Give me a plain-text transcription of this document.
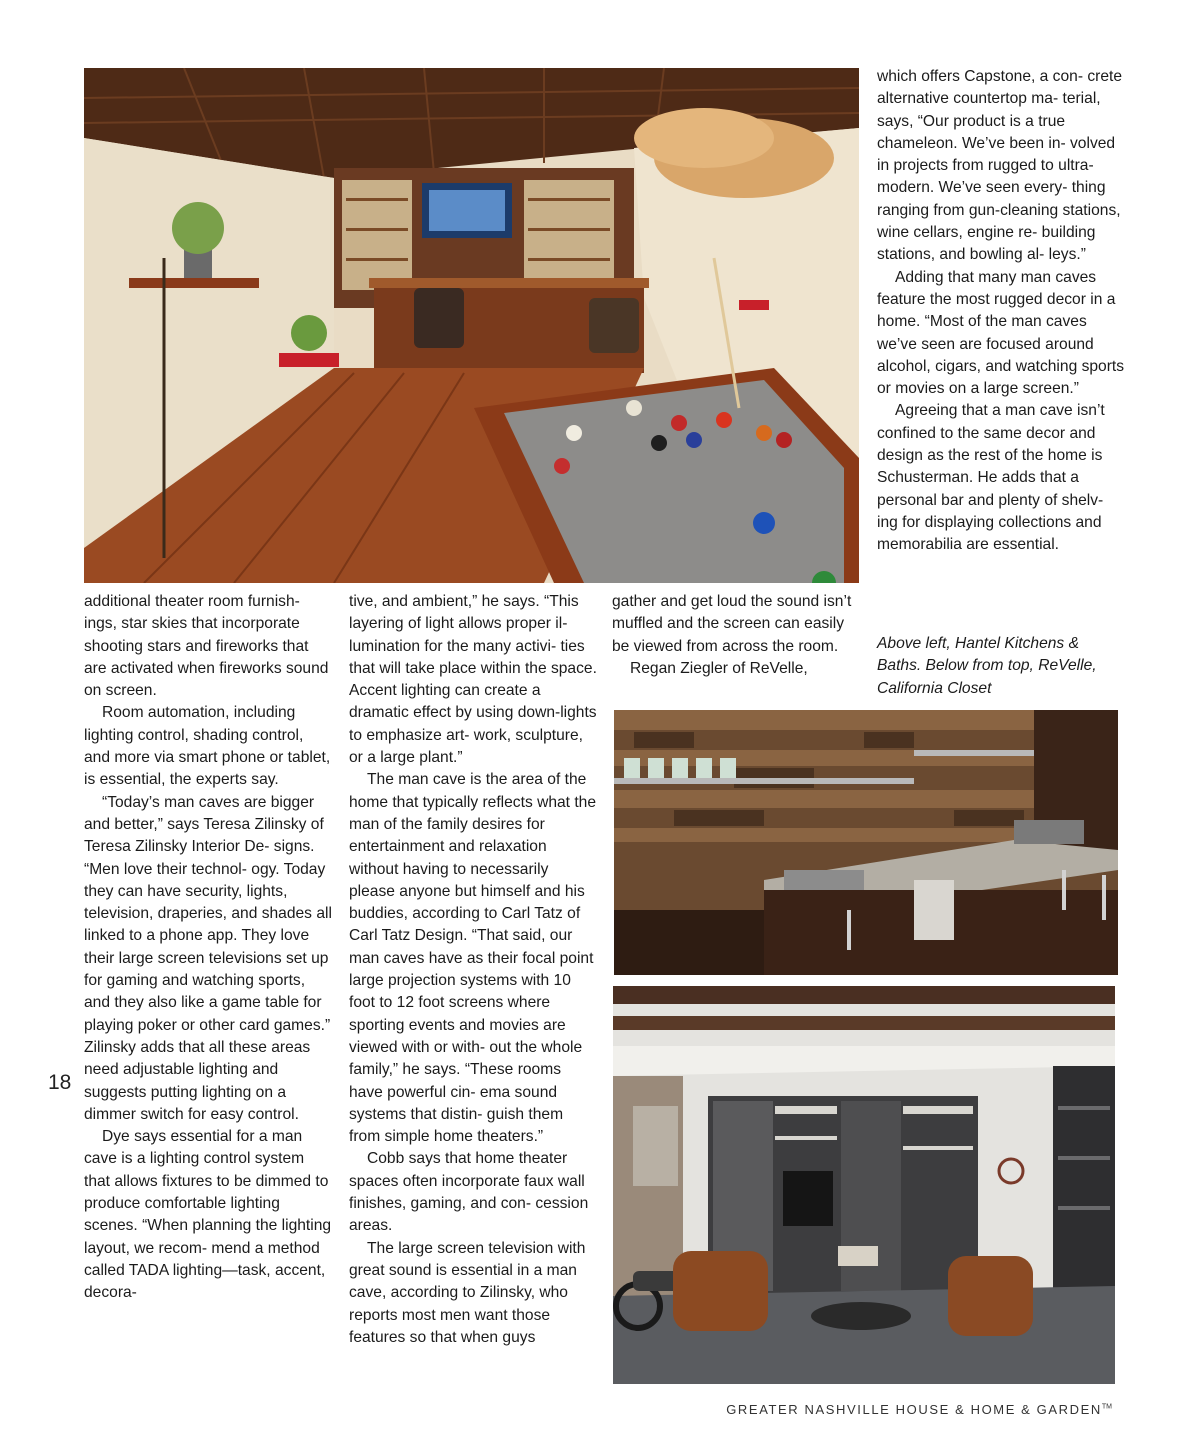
additional theater room furnish- ings, star skies that incorporate shooting stars and fireworks that are activated when fireworks sound on screen.

Room automation, including lighting control, shading control, and more via smart phone or tablet, is essential, the experts say.

“Today’s man caves are bigger and better,” says Teresa Zilinsky of Teresa Zilinsky Interior De- signs. “Men love their technol- ogy. Today they can have security, lights, television, draperies, and shades all linked to a phone app. They love their large screen televisions set up for gaming and watching sports, and they also like a game table for playing poker or other card games.” Zilinsky adds that all these areas need adjustable lighting and suggests putting lighting on a dimmer switch for easy control.

Dye says essential for a man cave is a lighting control system that allows fixtures to be dimmed to produce comfortable lighting scenes. “When planning the lighting layout, we recom- mend a method called TADA lighting—task, accent, decora-

tive, and ambient,” he says. “This layering of light allows proper il- lumination for the many activi- ties that will take place within the space. Accent lighting can create a dramatic effect by using down-lights to emphasize art- work, sculpture, or a large plant.”

The man cave is the area of the home that typically reflects what the man of the family desires for entertainment and relaxation without having to necessarily please anyone but himself and his buddies, according to Carl Tatz of Carl Tatz Design. “That said, our man caves have as their focal point large projection systems with 10 foot to 12 foot screens where sporting events and movies are viewed with or with- out the whole family,” he says. “These rooms have powerful cin- ema sound systems that distin- guish them from simple home theaters.”

Cobb says that home theater spaces often incorporate faux wall finishes, gaming, and con- cession areas.

The large screen television with great sound is essential in a man cave, according to Zilinsky, who reports most men want those features so that when guys

gather and get loud the sound isn’t muffled and the screen can easily be viewed from across the room.

Regan Ziegler of ReVelle,

which offers Capstone, a con- crete alternative countertop ma- terial, says, “Our product is a true chameleon. We’ve been in- volved in projects from rugged to ultra-modern. We’ve seen every- thing ranging from gun-cleaning stations, wine cellars, engine re- building stations, and bowling al- leys.”

Adding that many man caves feature the most rugged decor in a home. “Most of the man caves we’ve seen are focused around alcohol, cigars, and watching sports or movies on a large screen.”

Agreeing that a man cave isn’t confined to the same decor and design as the rest of the home is Schusterman. He adds that a personal bar and plenty of shelv- ing for displaying collections and memorabilia are essential.

Above left, Hantel Kitchens & Baths. Below from top, ReVelle, California Closet
18
GREATER NASHVILLE HOUSE & HOME & GARDEN™
